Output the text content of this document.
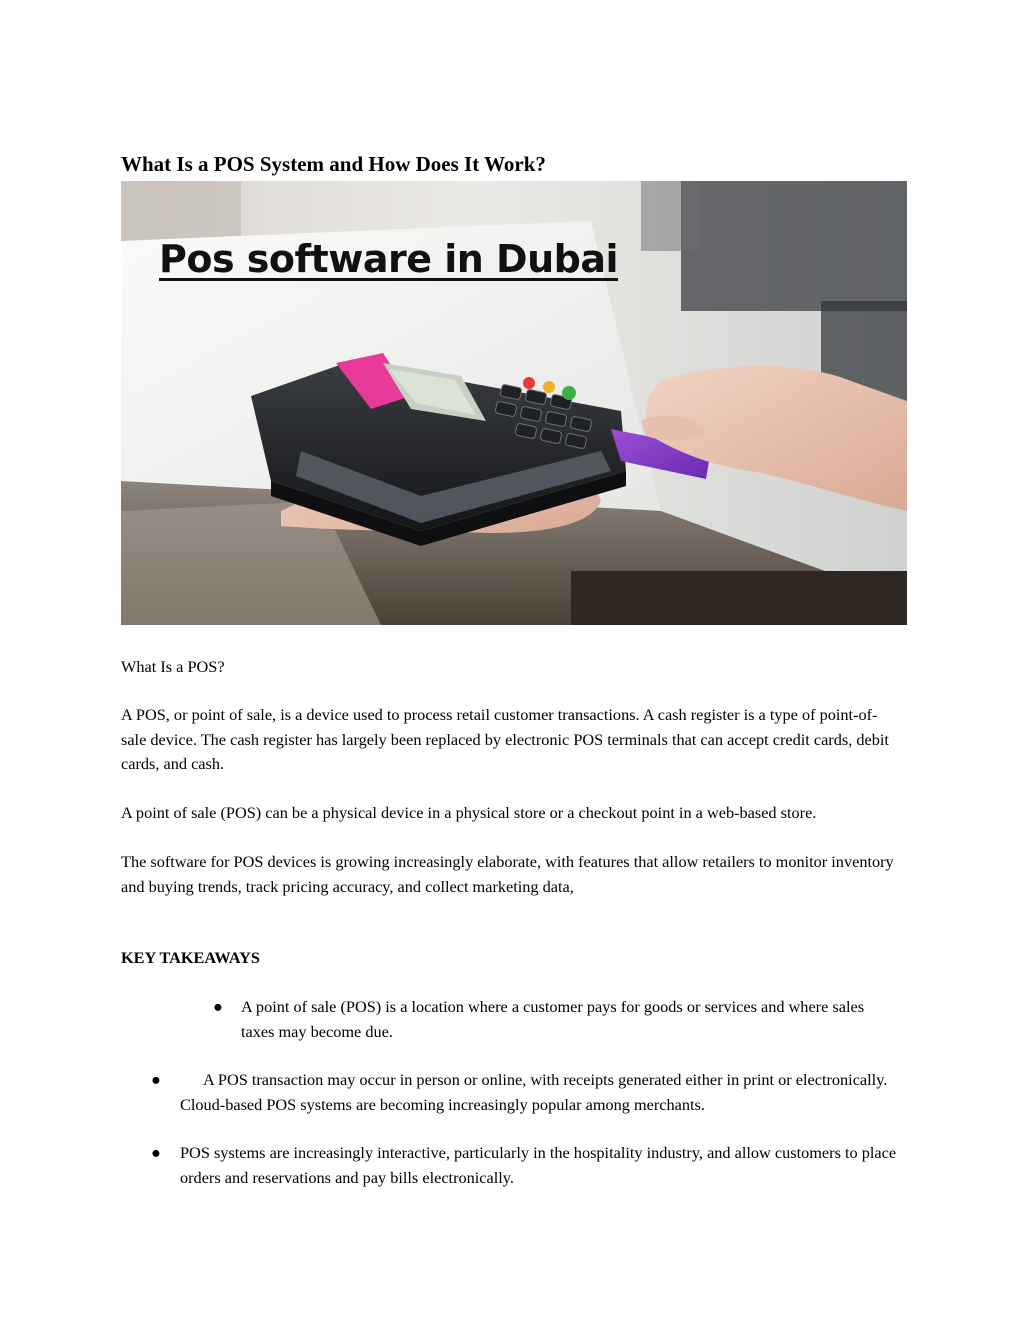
What Is a POS System and How Does It Work?
Pos software in Dubai

What Is a POS?

A POS, or point of sale, is a device used to process retail customer transactions. A cash register is a type of point-of-sale device. The cash register has largely been replaced by electronic POS terminals that can accept credit cards, debit cards, and cash.

A point of sale (POS) can be a physical device in a physical store or a checkout point in a web-based store.

The software for POS devices is growing increasingly elaborate, with features that allow retailers to monitor inventory and buying trends, track pricing accuracy, and collect marketing data,

KEY TAKEAWAYS

● A point of sale (POS) is a location where a customer pays for goods or services and where sales taxes may become due.
●	A POS transaction may occur in person or online, with receipts generated either in print or electronically. Cloud-based POS systems are becoming increasingly popular among merchants.
● POS systems are increasingly interactive, particularly in the hospitality industry, and allow customers to place orders and reservations and pay bills electronically.
